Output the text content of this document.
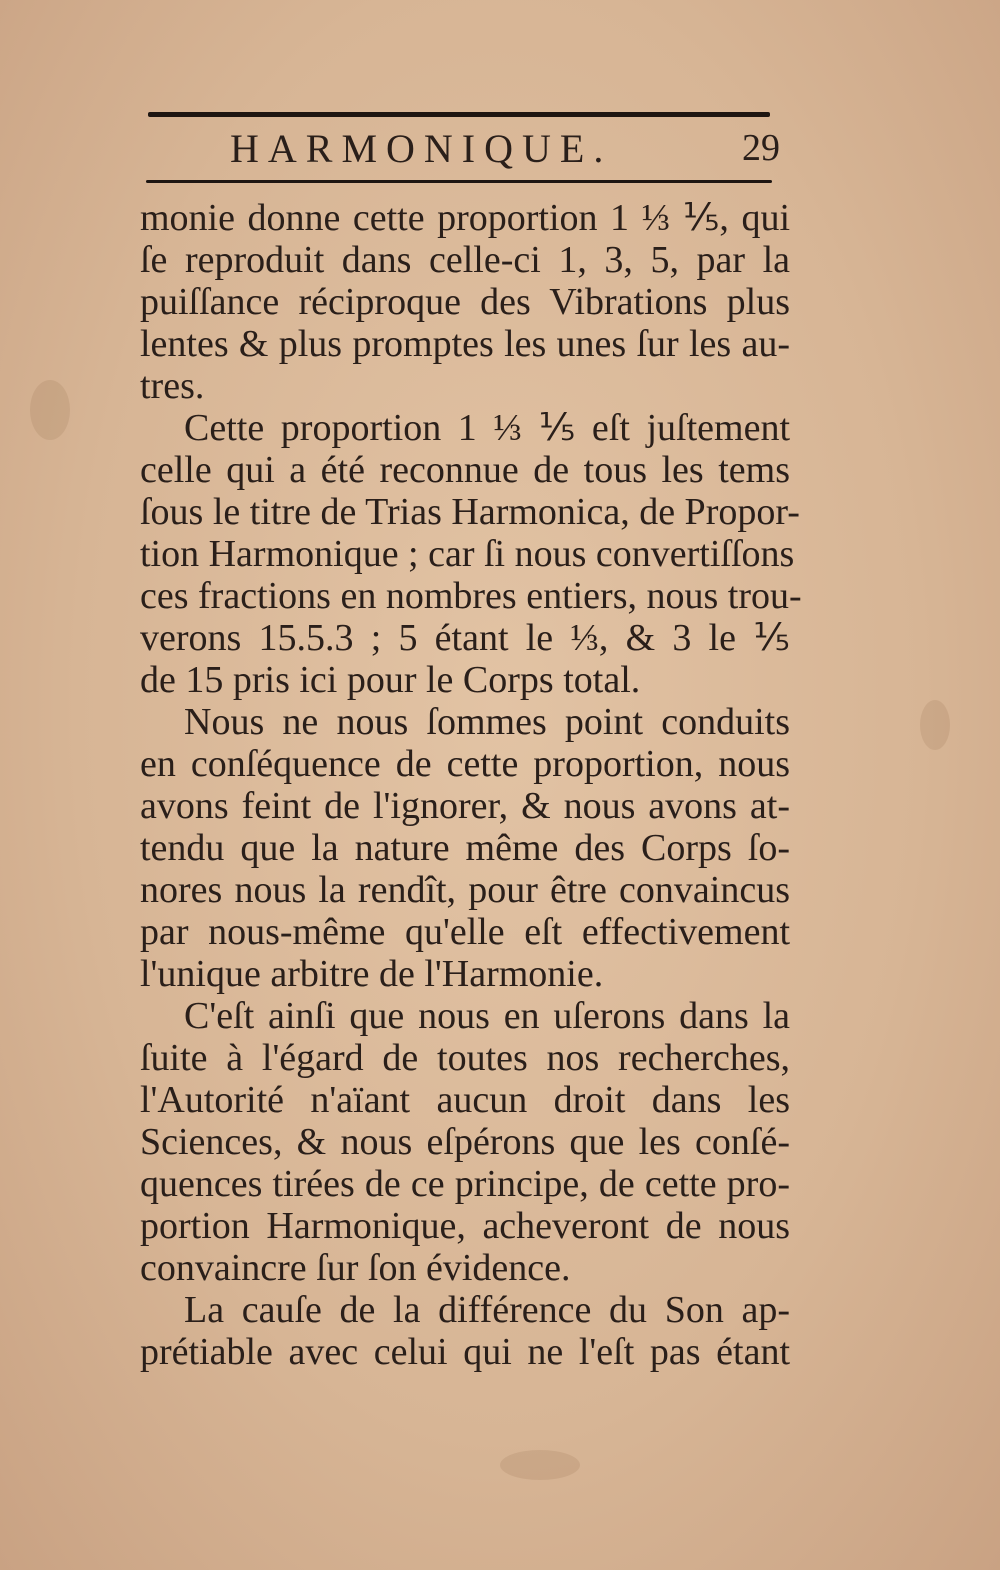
HARMONIQUE.	29
monie donne cette proportion 1 ⅓ ⅕, qui
ſe reproduit dans celle-ci 1, 3, 5, par la
puiſſance réciproque des Vibrations plus
lentes & plus promptes les unes ſur les au-
tres.
Cette proportion 1 ⅓ ⅕ eſt juſtement
celle qui a été reconnue de tous les tems
ſous le titre de Trias Harmonica, de Propor-
tion Harmonique ; car ſi nous convertiſſons
ces fractions en nombres entiers, nous trou-
verons 15.5.3 ; 5 étant le ⅓, & 3 le ⅕
de 15 pris ici pour le Corps total.
Nous ne nous ſommes point conduits
en conſéquence de cette proportion, nous
avons feint de l'ignorer, & nous avons at-
tendu que la nature même des Corps ſo-
nores nous la rendît, pour être convaincus
par nous-même qu'elle eſt effectivement
l'unique arbitre de l'Harmonie.
C'eſt ainſi que nous en uſerons dans la
ſuite à l'égard de toutes nos recherches,
l'Autorité n'aïant aucun droit dans les
Sciences, & nous eſpérons que les conſé-
quences tirées de ce principe, de cette pro-
portion Harmonique, acheveront de nous
convaincre ſur ſon évidence.
La cauſe de la différence du Son ap-
prétiable avec celui qui ne l'eſt pas étant
